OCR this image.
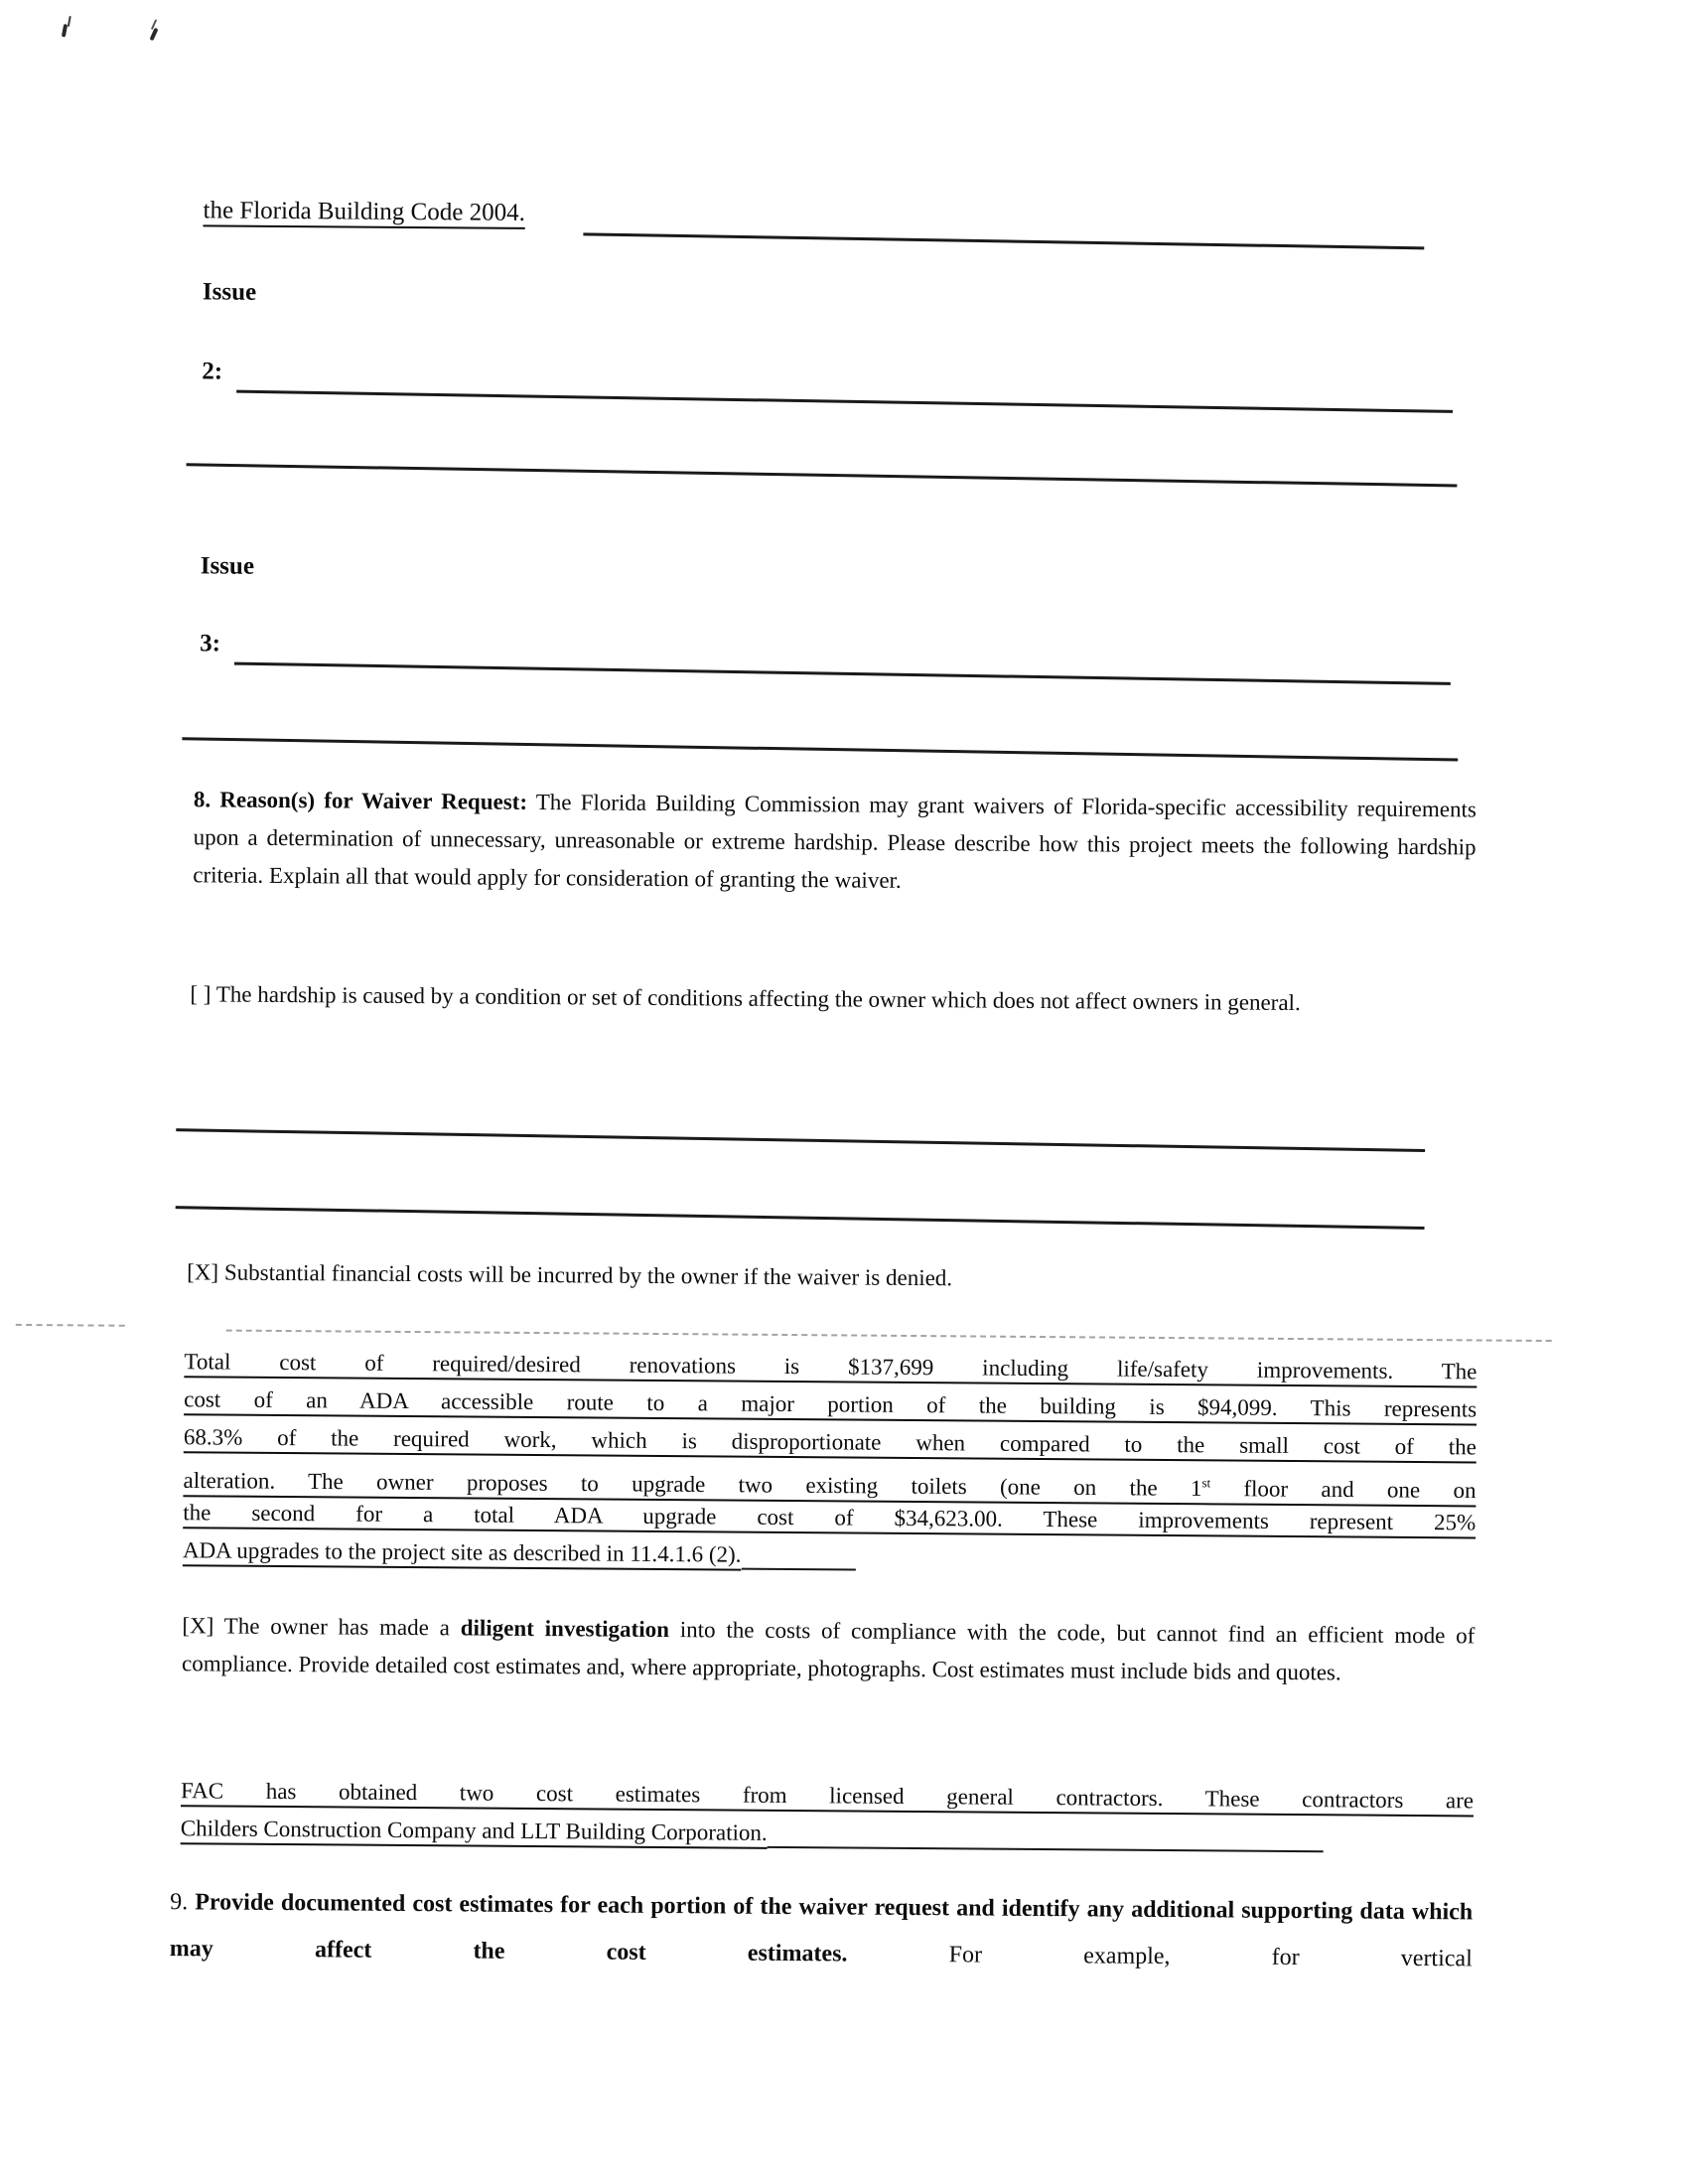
the Florida Building Code 2004.
Issue
2:
Issue
3:
8. Reason(s) for Waiver Request: The Florida Building Commission may grant waivers of Florida-specific accessibility requirements upon a determination of unnecessary, unreasonable or extreme hardship. Please describe how this project meets the following hardship criteria. Explain all that would apply for consideration of granting the waiver.
[ ] The hardship is caused by a condition or set of conditions affecting the owner which does not affect owners in general.
[X] Substantial financial costs will be incurred by the owner if the waiver is denied.
Total cost of required/desired renovations is $137,699 including life/safety improvements. The
cost of an ADA accessible route to a major portion of the building is $94,099. This represents
68.3% of the required work, which is disproportionate when compared to the small cost of the
alteration. The owner proposes to upgrade two existing toilets (one on the 1st floor and one on
the second for a total ADA upgrade cost of $34,623.00. These improvements represent 25%
ADA upgrades to the project site as described in 11.4.1.6 (2).
[X] The owner has made a diligent investigation into the costs of compliance with the code, but cannot find an efficient mode of compliance. Provide detailed cost estimates and, where appropriate, photographs. Cost estimates must include bids and quotes.
FAC has obtained two cost estimates from licensed general contractors. These contractors are
Childers Construction Company and LLT Building Corporation.
9. Provide documented cost estimates for each portion of the waiver request and identify any additional supporting data which may affect the cost estimates. For example, for vertical
